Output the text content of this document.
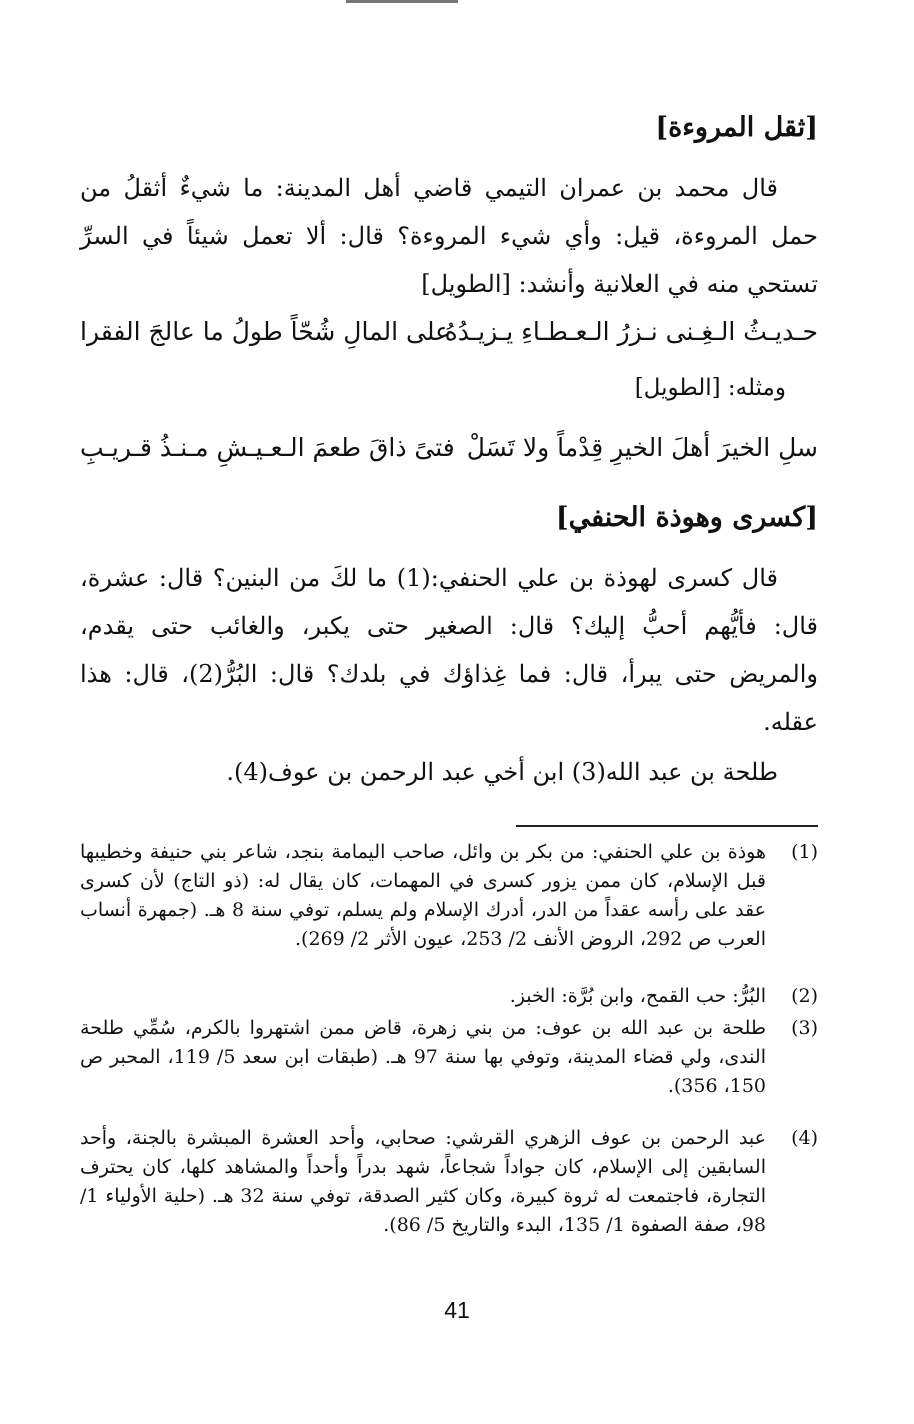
[ثقل المروءة]

قال محمد بن عمران التيمي قاضي أهل المدينة: ما شيءٌ أثقلُ من حمل المروءة، قيل: وأي شيء المروءة؟ قال: ألا تعمل شيئاً في السرِّ تستحي منه في العلانية وأنشد: [الطويل]

حـديـثُ الـغِـنى نـزرُ الـعـطـاءِ يـزيـدُهُ
على المالِ شُحّاً طولُ ما عالجَ الفقرا
ومثله: [الطويل]
سلِ الخيرَ أهلَ الخيرِ قِدْماً ولا تَسَلْ
فتىً ذاقَ طعمَ الـعـيـشِ مـنـذُ قـريـبِ
[كسرى وهوذة الحنفي]

قال كسرى لهوذة بن علي الحنفي:(1) ما لكَ من البنين؟ قال: عشرة، قال: فأيُّهم أحبُّ إليك؟ قال: الصغير حتى يكبر، والغائب حتى يقدم، والمريض حتى يبرأ، قال: فما غِذاؤك في بلدك؟ قال: البُرُّ(2)، قال: هذا عقله.

طلحة بن عبد الله(3) ابن أخي عبد الرحمن بن عوف(4).

(1)
هوذة بن علي الحنفي: من بكر بن وائل، صاحب اليمامة بنجد، شاعر بني حنيفة وخطيبها قبل الإسلام، كان ممن يزور كسرى في المهمات، كان يقال له: (ذو التاج) لأن كسرى عقد على رأسه عقداً من الدر، أدرك الإسلام ولم يسلم، توفي سنة 8 هـ. (جمهرة أنساب العرب ص 292، الروض الأنف 2/ 253، عيون الأثر 2/ 269).
(2)
البُرُّ: حب القمح، وابن بُرَّة: الخبز.
(3)
طلحة بن عبد الله بن عوف: من بني زهرة، قاض ممن اشتهروا بالكرم، سُمِّي طلحة الندى، ولي قضاء المدينة، وتوفي بها سنة 97 هـ. (طبقات ابن سعد 5/ 119، المحبر ص 150، 356).
(4)
عبد الرحمن بن عوف الزهري القرشي: صحابي، وأحد العشرة المبشرة بالجنة، وأحد السابقين إلى الإسلام، كان جواداً شجاعاً، شهد بدراً وأحداً والمشاهد كلها، كان يحترف التجارة، فاجتمعت له ثروة كبيرة، وكان كثير الصدقة، توفي سنة 32 هـ. (حلية الأولياء 1/ 98، صفة الصفوة 1/ 135، البدء والتاريخ 5/ 86).
41
